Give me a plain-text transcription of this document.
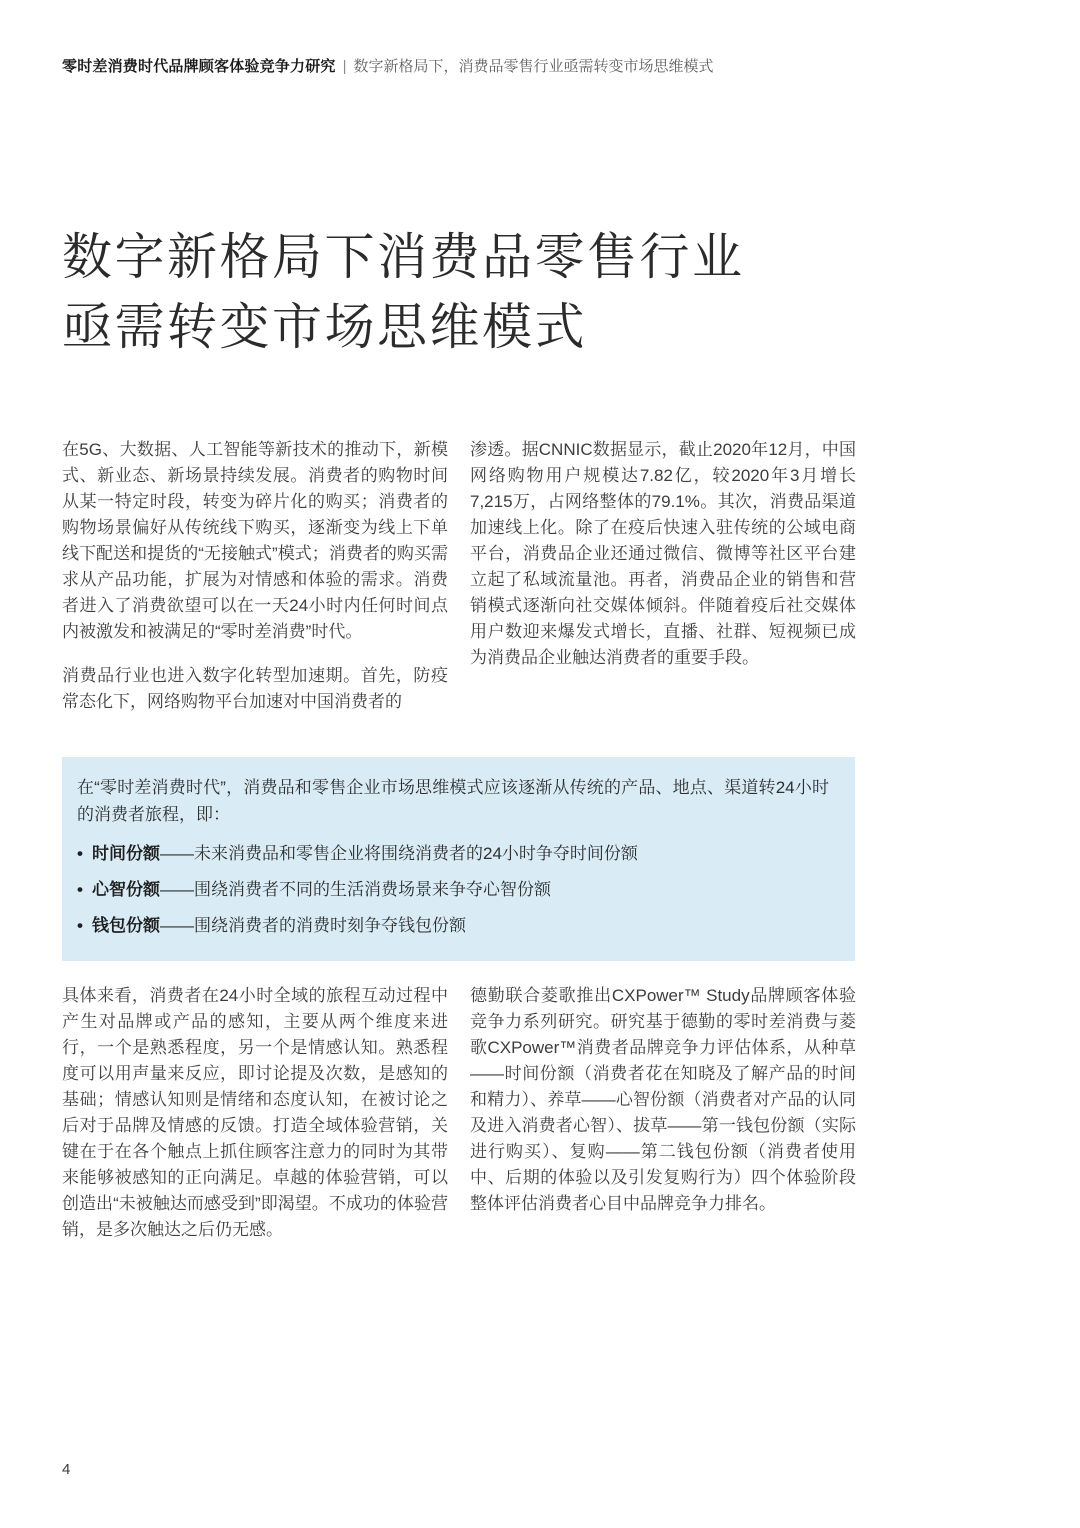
零时差消费时代品牌顾客体验竞争力研究 | 数字新格局下，消费品零售行业亟需转变市场思维模式
数字新格局下消费品零售行业
亟需转变市场思维模式

在5G、大数据、人工智能等新技术的推动下，新模式、新业态、新场景持续发展。消费者的购物时间从某一特定时段，转变为碎片化的购买；消费者的购物场景偏好从传统线下购买，逐渐变为线上下单线下配送和提货的“无接触式”模式；消费者的购买需求从产品功能，扩展为对情感和体验的需求。消费者进入了消费欲望可以在一天24小时内任何时间点内被激发和被满足的“零时差消费”时代。

消费品行业也进入数字化转型加速期。首先，防疫常态化下，网络购物平台加速对中国消费者的

渗透。据CNNIC数据显示，截止2020年12月，中国网络购物用户规模达7.82亿，较2020年3月增长7,215万，占网络整体的79.1%。其次，消费品渠道加速线上化。除了在疫后快速入驻传统的公域电商平台，消费品企业还通过微信、微博等社区平台建立起了私域流量池。再者，消费品企业的销售和营销模式逐渐向社交媒体倾斜。伴随着疫后社交媒体用户数迎来爆发式增长，直播、社群、短视频已成为消费品企业触达消费者的重要手段。

在“零时差消费时代”，消费品和零售企业市场思维模式应该逐渐从传统的产品、地点、渠道转24小时的消费者旅程，即：

• 时间份额——未来消费品和零售企业将围绕消费者的24小时争夺时间份额
• 心智份额——围绕消费者不同的生活消费场景来争夺心智份额
• 钱包份额——围绕消费者的消费时刻争夺钱包份额

具体来看，消费者在24小时全域的旅程互动过程中产生对品牌或产品的感知，主要从两个维度来进行，一个是熟悉程度，另一个是情感认知。熟悉程度可以用声量来反应，即讨论提及次数，是感知的基础；情感认知则是情绪和态度认知，在被讨论之后对于品牌及情感的反馈。打造全域体验营销，关键在于在各个触点上抓住顾客注意力的同时为其带来能够被感知的正向满足。卓越的体验营销，可以创造出“未被触达而感受到”即渴望。不成功的体验营销，是多次触达之后仍无感。

德勤联合菱歌推出CXPower™ Study品牌顾客体验竞争力系列研究。研究基于德勤的零时差消费与菱歌CXPower™消费者品牌竞争力评估体系，从种草——时间份额（消费者花在知晓及了解产品的时间和精力）、养草——心智份额（消费者对产品的认同及进入消费者心智）、拔草——第一钱包份额（实际进行购买）、复购——第二钱包份额（消费者使用中、后期的体验以及引发复购行为）四个体验阶段整体评估消费者心目中品牌竞争力排名。

4
